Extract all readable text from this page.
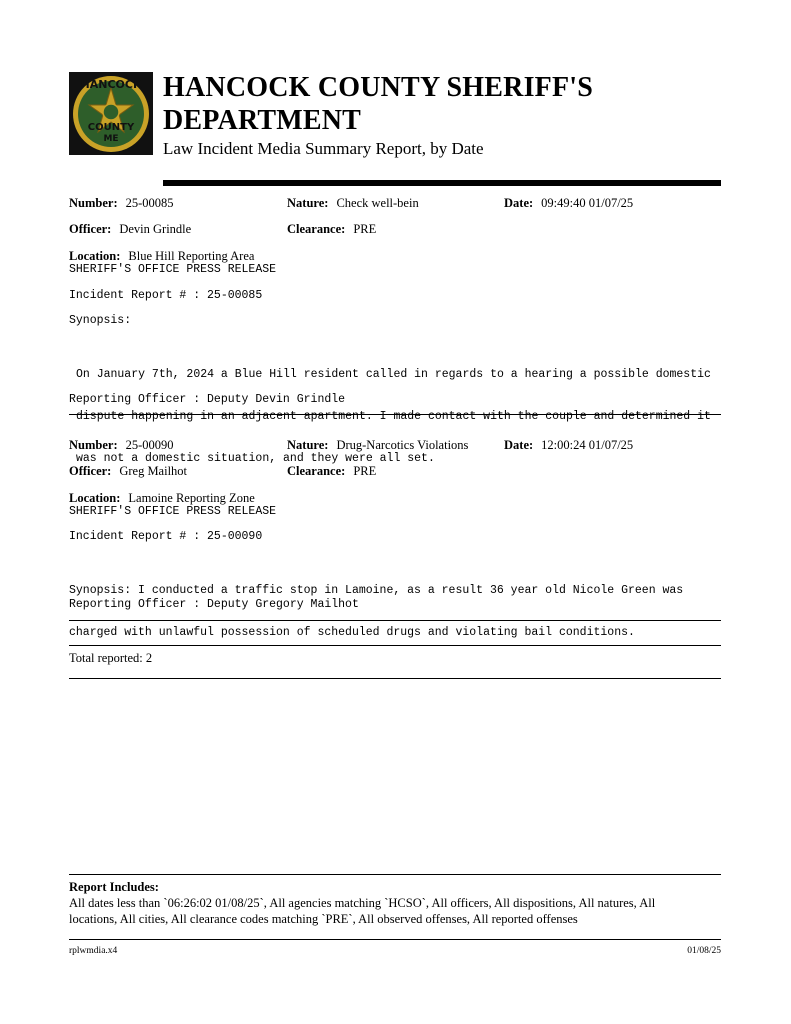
HANCOCK
COUNTY
ME
HANCOCK COUNTY SHERIFF'S
DEPARTMENT
Law Incident Media Summary Report, by Date
Number: 25-00085	Nature: Check well-bein	Date: 09:49:40 01/07/25
Officer: Devin Grindle	Clearance: PRE
Location: Blue Hill Reporting Area
SHERIFF'S OFFICE PRESS RELEASE
Incident Report # : 25-00085
Synopsis:

On January 7th, 2024 a Blue Hill resident called in regards to a hearing a possible domestic

dispute happening in an adjacent apartment. I made contact with the couple and determined it

was not a domestic situation, and they were all set.

Reporting Officer : Deputy Devin Grindle
Number: 25-00090	Nature: Drug-Narcotics Violations	Date: 12:00:24 01/07/25
Officer: Greg Mailhot	Clearance: PRE
Location: Lamoine Reporting Zone
SHERIFF'S OFFICE PRESS RELEASE
Incident Report # : 25-00090

Synopsis: I conducted a traffic stop in Lamoine, as a result 36 year old Nicole Green was

charged with unlawful possession of scheduled drugs and violating bail conditions.

Reporting Officer : Deputy Gregory Mailhot
Total reported: 2
Report Includes:
All dates less than `06:26:02 01/08/25`, All agencies matching `HCSO`, All officers, All dispositions, All natures, All
locations, All cities, All clearance codes matching `PRE`, All observed offenses, All reported offenses
rplwmdia.x4	01/08/25
